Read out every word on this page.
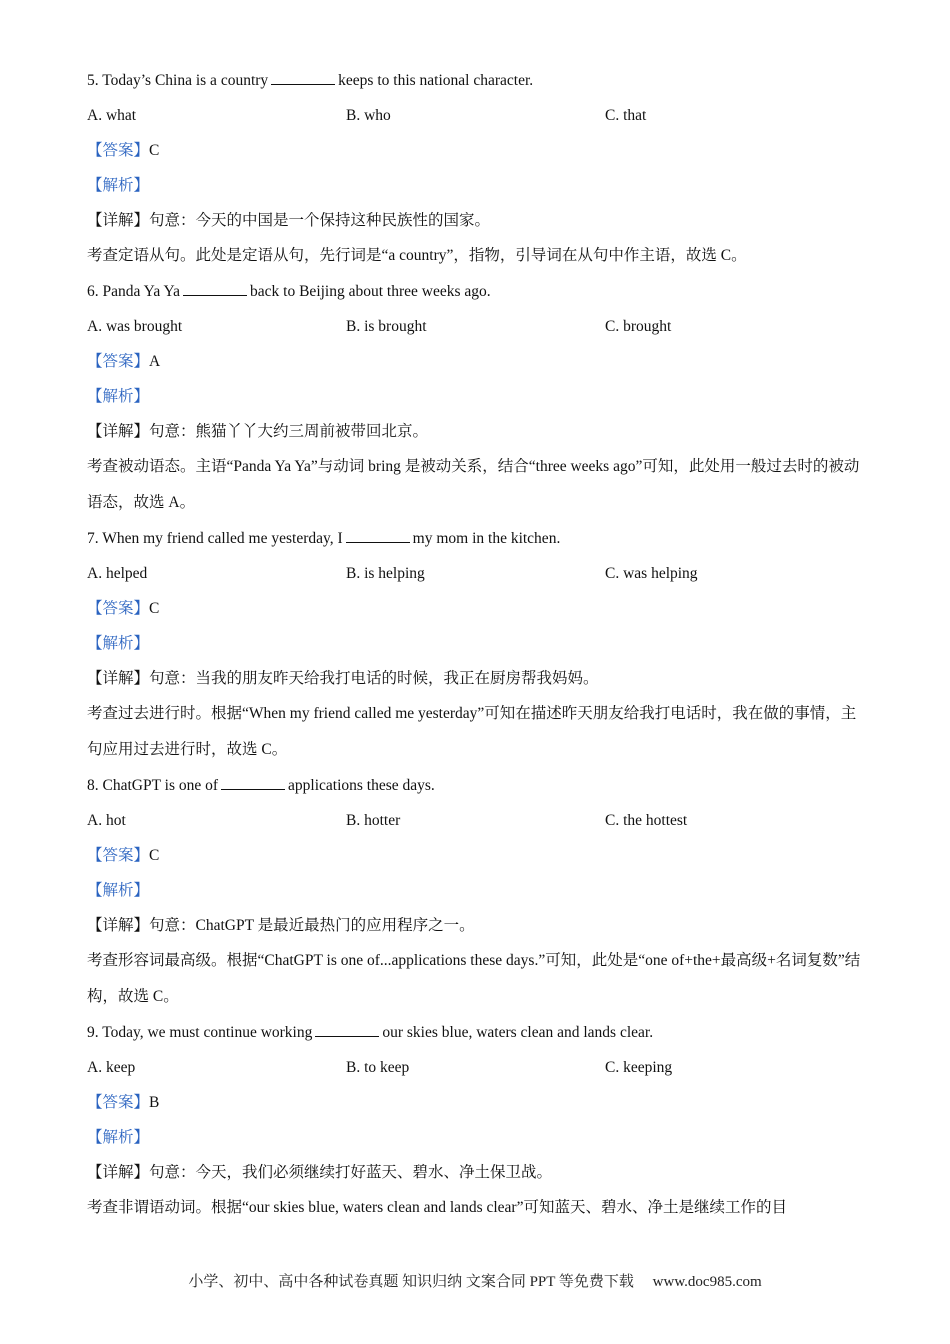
5. Today’s China is a country	keeps to this national character.
A. what	B. who	C. that
【答案】C
【解析】
【详解】句意：今天的中国是一个保持这种民族性的国家。
考查定语从句。此处是定语从句，先行词是“a country”，指物，引导词在从句中作主语，故选 C。
6. Panda Ya Ya	back to Beijing about three weeks ago.
A. was brought	B. is brought	C. brought
【答案】A
【解析】
【详解】句意：熊猫丫丫大约三周前被带回北京。
考查被动语态。主语“Panda Ya Ya”与动词 bring 是被动关系，结合“three weeks ago”可知，此处用一般过去时的被动语态，故选 A。
7. When my friend called me yesterday, I	my mom in the kitchen.
A. helped	B. is helping	C. was helping
【答案】C
【解析】
【详解】句意：当我的朋友昨天给我打电话的时候，我正在厨房帮我妈妈。
考查过去进行时。根据“When my friend called me yesterday”可知在描述昨天朋友给我打电话时，我在做的事情，主句应用过去进行时，故选 C。
8. ChatGPT is one of	applications these days.
A. hot	B. hotter	C. the hottest
【答案】C
【解析】
【详解】句意：ChatGPT 是最近最热门的应用程序之一。
考查形容词最高级。根据“ChatGPT is one of...applications these days.”可知，此处是“one of+the+最高级+名词复数”结构，故选 C。
9. Today, we must continue working	our skies blue, waters clean and lands clear.
A. keep	B. to keep	C. keeping
【答案】B
【解析】
【详解】句意：今天，我们必须继续打好蓝天、碧水、净土保卫战。
考查非谓语动词。根据“our skies blue, waters clean and lands clear”可知蓝天、碧水、净土是继续工作的目
小学、初中、高中各种试卷真题 知识归纳 文案合同 PPT 等免费下载　 www.doc985.com
